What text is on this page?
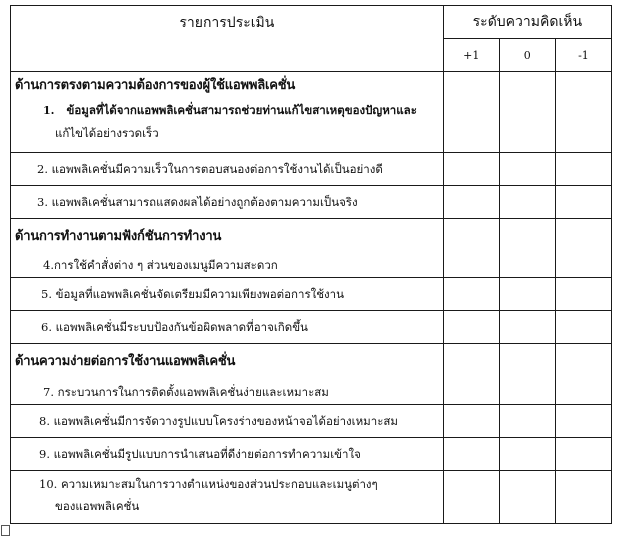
รายการประเมิน	ระดับความคิดเห็น		
	+1	0	-1

ด้านการตรงตามความต้องการของผู้ใช้แอพพลิเคชั่น
1. ข้อมูลที่ได้จากแอพพลิเคชั่นสามารถช่วยท่านแก้ไขสาเหตุของปัญหาและ
แก้ไขได้อย่างรวดเร็ว			

2. แอพพลิเคชั่นมีความเร็วในการตอบสนองต่อการใช้งานได้เป็นอย่างดี			

3. แอพพลิเคชั่นสามารถแสดงผลได้อย่างถูกต้องตามความเป็นจริง			

ด้านการทำงานตามฟังก์ชันการทำงาน
4.การใช้คำสั่งต่าง ๆ ส่วนของเมนูมีความสะดวก			

5. ข้อมูลที่แอพพลิเคชั่นจัดเตรียมมีความเพียงพอต่อการใช้งาน			

6. แอพพลิเคชั่นมีระบบป้องกันข้อผิดพลาดที่อาจเกิดขึ้น			

ด้านความง่ายต่อการใช้งานแอพพลิเคชั่น
7. กระบวนการในการติดตั้งแอพพลิเคชั่นง่ายและเหมาะสม			

8. แอพพลิเคชั่นมีการจัดวางรูปแบบโครงร่างของหน้าจอได้อย่างเหมาะสม			

9. แอพพลิเคชั่นมีรูปแบบการนำเสนอที่ดีง่ายต่อการทำความเข้าใจ			

10. ความเหมาะสมในการวางตำแหน่งของส่วนประกอบและเมนูต่างๆ
ของแอพพลิเคชั่น			
